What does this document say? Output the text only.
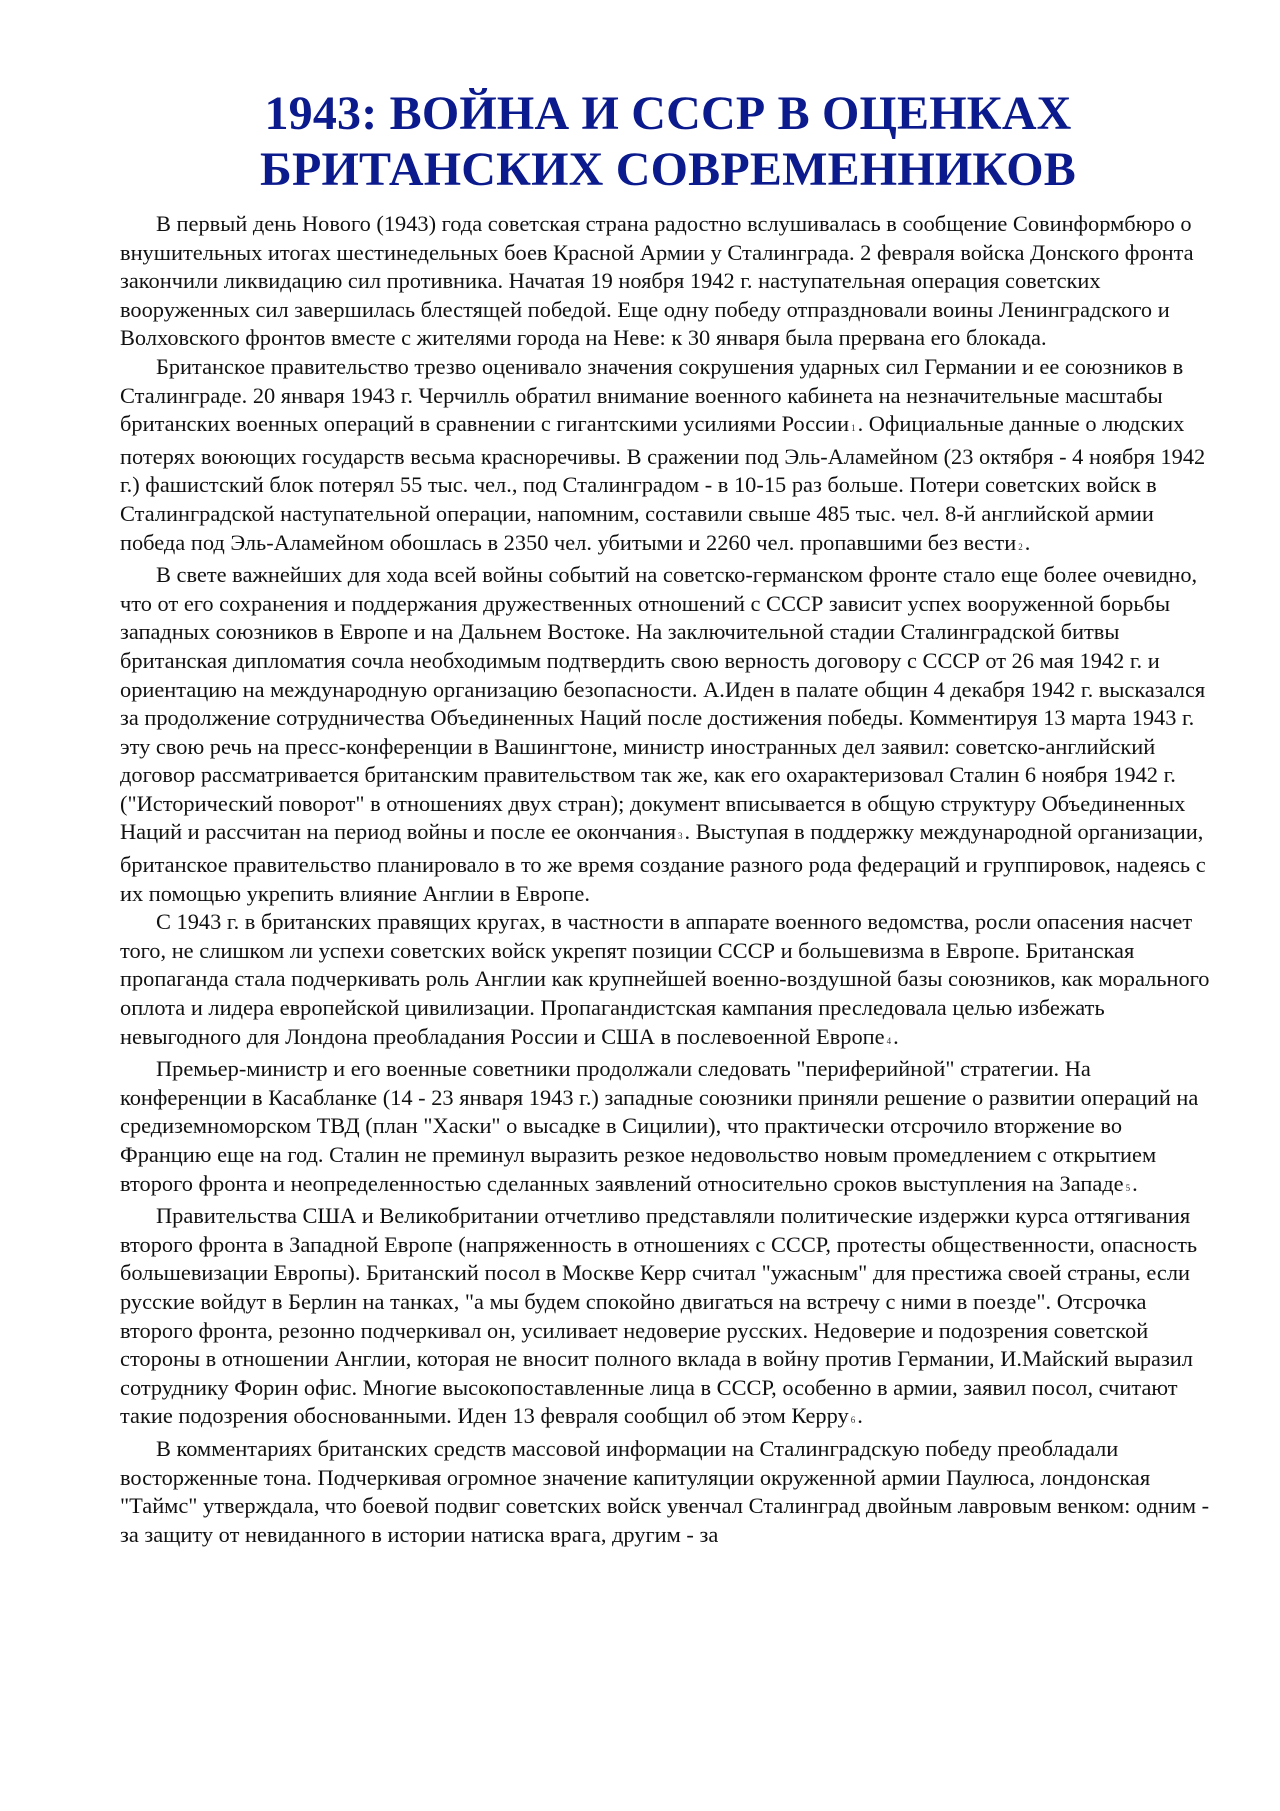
1943: ВОЙНА И СССР В ОЦЕНКАХ
БРИТАНСКИХ СОВРЕМЕННИКОВ

В первый день Нового (1943) года советская страна радостно вслушивалась в сообщение Совинформбюро о внушительных итогах шестинедельных боев Красной Армии у Сталинграда. 2 февраля войска Донского фронта закончили ликвидацию сил противника. Начатая 19 ноября 1942 г. наступательная операция советских вооруженных сил завершилась блестящей победой. Еще одну победу отпраздновали воины Ленинградского и Волховского фронтов вместе с жителями города на Неве: к 30 января была прервана его блокада.

Британское правительство трезво оценивало значения сокрушения ударных сил Германии и ее союзников в Сталинграде. 20 января 1943 г. Черчилль обратил внимание военного кабинета на незначительные масштабы британских военных операций в сравнении с гигантскими усилиями России 1. Официальные данные о людских потерях воюющих государств весьма красноречивы. В сражении под Эль-Аламейном (23 октября - 4 ноября 1942 г.) фашистский блок потерял 55 тыс. чел., под Сталинградом - в 10-15 раз больше. Потери советских войск в Сталинградской наступательной операции, напомним, составили свыше 485 тыс. чел. 8-й английской армии победа под Эль-Аламейном обошлась в 2350 чел. убитыми и 2260 чел. пропавшими без вести 2.

В свете важнейших для хода всей войны событий на советско-германском фронте стало еще более очевидно, что от его сохранения и поддержания дружественных отношений с СССР зависит успех вооруженной борьбы западных союзников в Европе и на Дальнем Востоке. На заключительной стадии Сталинградской битвы британская дипломатия сочла необходимым подтвердить свою верность договору с СССР от 26 мая 1942 г. и ориентацию на международную организацию безопасности. А.Иден в палате общин 4 декабря 1942 г. высказался за продолжение сотрудничества Объединенных Наций после достижения победы. Комментируя 13 марта 1943 г. эту свою речь на пресс-конференции в Вашингтоне, министр иностранных дел заявил: советско-английский договор рассматривается британским правительством так же, как его охарактеризовал Сталин 6 ноября 1942 г. ("Исторический поворот" в отношениях двух стран); документ вписывается в общую структуру Объединенных Наций и рассчитан на период войны и после ее окончания 3. Выступая в поддержку международной организации, британское правительство планировало в то же время создание разного рода федераций и группировок, надеясь с их помощью укрепить влияние Англии в Европе.

С 1943 г. в британских правящих кругах, в частности в аппарате военного ведомства, росли опасения насчет того, не слишком ли успехи советских войск укрепят позиции СССР и большевизма в Европе. Британская пропаганда стала подчеркивать роль Англии как крупнейшей военно-воздушной базы союзников, как морального оплота и лидера европейской цивилизации. Пропагандистская кампания преследовала целью избежать невыгодного для Лондона преобладания России и США в послевоенной Европе 4.

Премьер-министр и его военные советники продолжали следовать "периферийной" стратегии. На конференции в Касабланке (14 - 23 января 1943 г.) западные союзники приняли решение о развитии операций на средиземноморском ТВД (план "Хаски" о высадке в Сицилии), что практически отсрочило вторжение во Францию еще на год. Сталин не преминул выразить резкое недовольство новым промедлением с открытием второго фронта и неопределенностью сделанных заявлений относительно сроков выступления на Западе 5.

Правительства США и Великобритании отчетливо представляли политические издержки курса оттягивания второго фронта в Западной Европе (напряженность в отношениях с СССР, протесты общественности, опасность большевизации Европы). Британский посол в Москве Керр считал "ужасным" для престижа своей страны, если русские войдут в Берлин на танках, "а мы будем спокойно двигаться на встречу с ними в поезде". Отсрочка второго фронта, резонно подчеркивал он, усиливает недоверие русских. Недоверие и подозрения советской стороны в отношении Англии, которая не вносит полного вклада в войну против Германии, И.Майский выразил сотруднику Форин офис. Многие высокопоставленные лица в СССР, особенно в армии, заявил посол, считают такие подозрения обоснованными. Иден 13 февраля сообщил об этом Керру 6.

В комментариях британских средств массовой информации на Сталинградскую победу преобладали восторженные тона. Подчеркивая огромное значение капитуляции окруженной армии Паулюса, лондонская "Таймс" утверждала, что боевой подвиг советских войск увенчал Сталинград двойным лавровым венком: одним - за защиту от невиданного в истории натиска врага, другим - за
